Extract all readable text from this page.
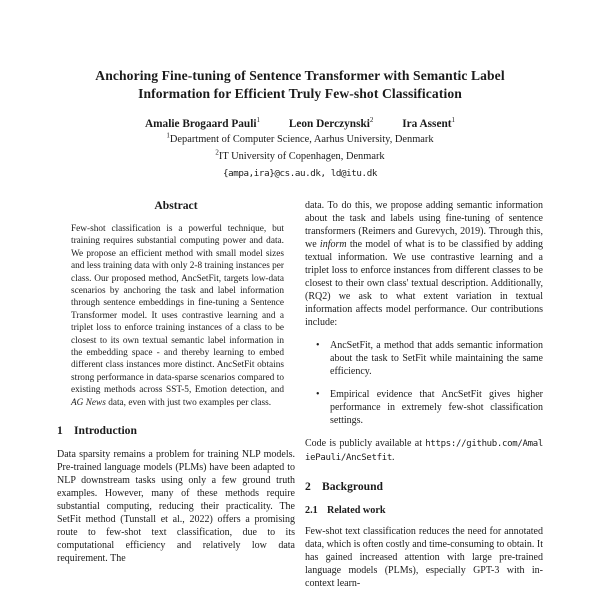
Anchoring Fine-tuning of Sentence Transformer with Semantic Label
Information for Efficient Truly Few-shot Classification
Amalie Brogaard Pauli$^1$	Leon Derczynski$^2$	Ira Assent$^1$
$^1$Department of Computer Science, Aarhus University, Denmark
$^2$IT University of Copenhagen, Denmark
{ampa,ira}@cs.au.dk, ld@itu.dk
Abstract

Few-shot classification is a powerful technique, but training requires substantial computing power and data. We propose an efficient method with small model sizes and less training data with only 2-8 training instances per class. Our proposed method, AncSetFit, targets low-data scenarios by anchoring the task and label information through sentence embeddings in fine-tuning a Sentence Transformer model. It uses contrastive learning and a triplet loss to enforce training instances of a class to be closest to its own textual semantic label information in the embedding space - and thereby learning to embed different class instances more distinct. AncSetFit obtains strong performance in data-sparse scenarios compared to existing methods across SST-5, Emotion detection, and AG News data, even with just two examples per class.

1 Introduction

Data sparsity remains a problem for training NLP models. Pre-trained language models (PLMs) have been adapted to NLP downstream tasks using only a few ground truth examples. However, many of these methods require substantial computing, reducing their practicality. The SetFit method (Tunstall et al., 2022) offers a promising route to few-shot text classification, due to its computational efficiency and relatively low data requirement. The

data. To do this, we propose adding semantic information about the task and labels using fine-tuning of sentence transformers (Reimers and Gurevych, 2019). Through this, we inform the model of what is to be classified by adding textual information. We use contrastive learning and a triplet loss to enforce instances from different classes to be closest to their own class' textual description. Additionally, (RQ2) we ask to what extent variation in textual information affects model performance. Our contributions include:

• AncSetFit, a method that adds semantic information about the task to SetFit while maintaining the same efficiency.
• Empirical evidence that AncSetFit gives higher performance in extremely few-shot classification settings.

Code is publicly available at https://github.com/AmaliePauli/AncSetfit.

2 Background
2.1 Related work

Few-shot text classification reduces the need for annotated data, which is often costly and time-consuming to obtain. It has gained increased attention with large pre-trained language models (PLMs), especially GPT-3 with in-context learn-
